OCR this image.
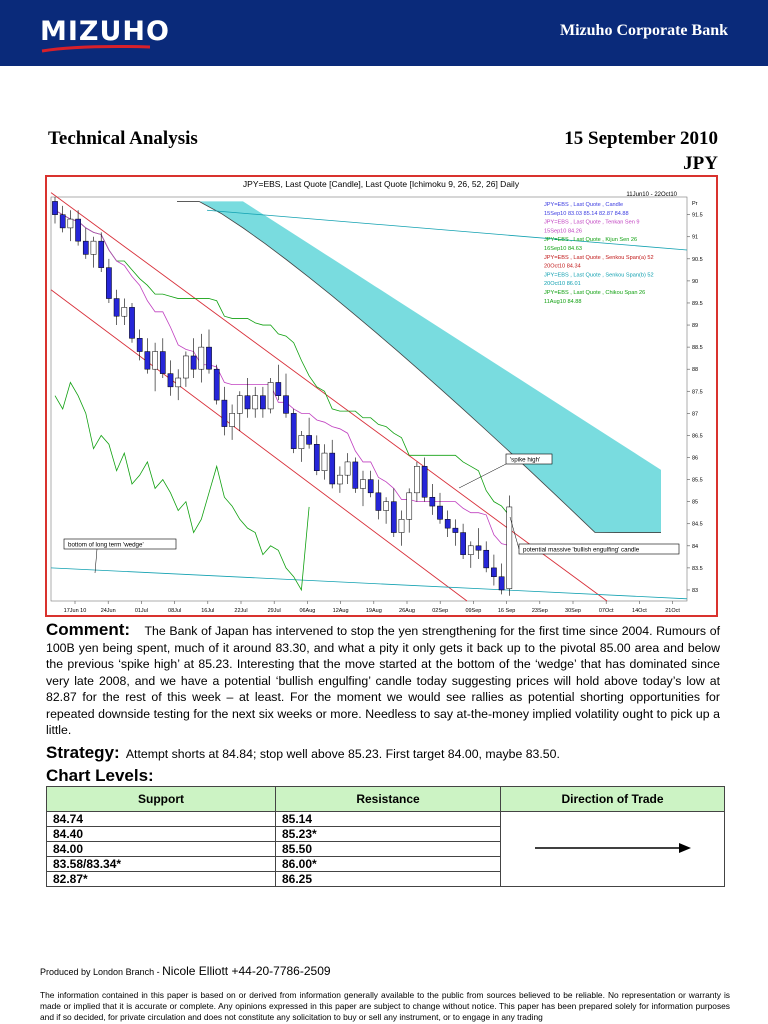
MIZUHO	Mizuho Corporate Bank
Technical Analysis	15 September 2010
JPY
JPY=EBS, Last Quote [Candle], Last Quote [Ichimoku 9, 26, 52, 26] Daily
11Jun10 - 22Oct10
91.5
91
90.5
90
89.5
89
88.5
88
87.5
87
86.5
86
85.5
85
84.5
84
83.5
83
Pr
17Jun 10	24Jun	01Jul	08Jul	16Jul	22Jul	29Jul	06Aug	12Aug	19Aug	26Aug	02Sep	09Sep	16 Sep	23Sep	30Sep	07Oct	14Oct	21Oct
JPY=EBS , Last Quote , Candle
15Sep10 83.03 85.14 82.87 84.88
JPY=EBS , Last Quote , Tenkan Sen 9
15Sep10 84.26
JPY=EBS , Last Quote , Kijun Sen 26
16Sep10 84.63
JPY=EBS , Last Quote , Senkou Span(a) 52
20Oct10 84.34
JPY=EBS , Last Quote , Senkou Span(b) 52
20Oct10 86.01
JPY=EBS , Last Quote , Chikou Span 26
11Aug10 84.88
'spike high'
bottom of long term 'wedge'
potential massive 'bullish engulfing' candle
Comment: The Bank of Japan has intervened to stop the yen strengthening for the first time since 2004. Rumours of 100B yen being spent, much of it around 83.30, and what a pity it only gets it back up to the pivotal 85.00 area and below the previous ‘spike high’ at 85.23. Interesting that the move started at the bottom of the ‘wedge’ that has dominated since very late 2008, and we have a potential ‘bullish engulfing’ candle today suggesting prices will hold above today’s low at 82.87 for the rest of this week – at least. For the moment we would see rallies as potential shorting opportunities for repeated downside testing for the next six weeks or more. Needless to say at-the-money implied volatility ought to pick up a little.
Strategy: Attempt shorts at 84.84; stop well above 85.23. First target 84.00, maybe 83.50.
Chart Levels:
Support	Resistance	Direction of Trade
84.74	85.14	
84.40	85.23*	
84.00	85.50	
83.58/83.34*	86.00*	
82.87*	86.25	
Produced by London Branch - Nicole Elliott +44-20-7786-2509
The information contained in this paper is based on or derived from information generally available to the public from sources believed to be reliable. No representation or warranty is made or implied that it is accurate or complete. Any opinions expressed in this paper are subject to change without notice. This paper has been prepared solely for information purposes and if so decided, for private circulation and does not constitute any solicitation to buy or sell any instrument, or to engage in any trading
